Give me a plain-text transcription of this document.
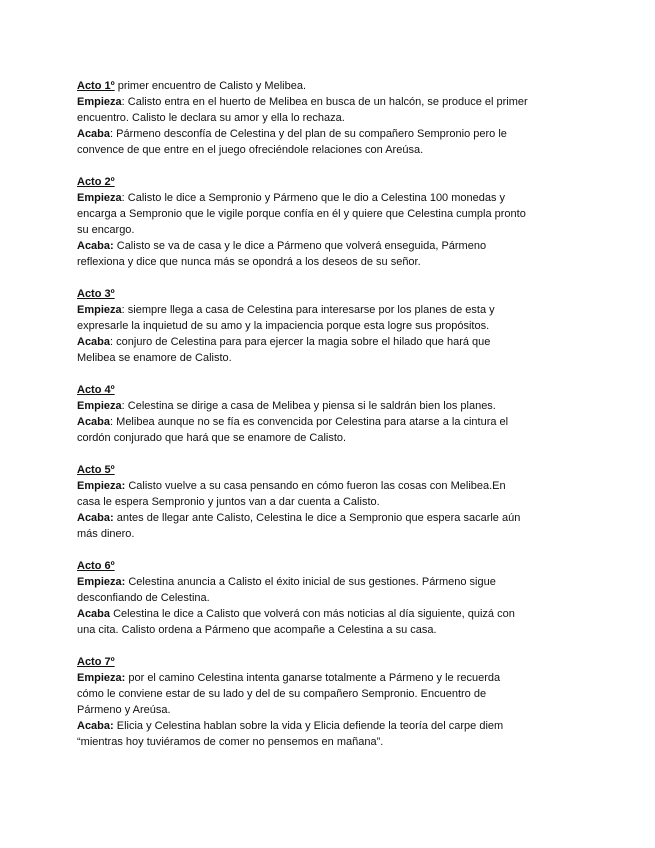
Acto 1º primer encuentro de Calisto y Melibea.
Empieza: Calisto entra en el huerto de Melibea en busca de un halcón, se produce el primer
encuentro. Calisto le declara su amor y ella lo rechaza.
Acaba: Pármeno desconfía de Celestina y del plan de su compañero Sempronio pero le
convence de que entre en el juego ofreciéndole relaciones con Areúsa.
Acto 2º
Empieza: Calisto le dice a Sempronio y Pármeno que le dio a Celestina 100 monedas y
encarga a Sempronio que le vigile porque confía en él y quiere que Celestina cumpla pronto
su encargo.
Acaba: Calisto se va de casa y le dice a Pármeno que volverá enseguida, Pármeno
reflexiona y dice que nunca más se opondrá a los deseos de su señor.
Acto 3º
Empieza: siempre llega a casa de Celestina para interesarse por los planes de esta y
expresarle la inquietud de su amo y la impaciencia porque esta logre sus propósitos.
Acaba: conjuro de Celestina para para ejercer la magia sobre el hilado que hará que
Melibea se enamore de Calisto.
Acto 4º
Empieza: Celestina se dirige a casa de Melibea y piensa si le saldrán bien los planes.
Acaba: Melibea aunque no se fía es convencida por Celestina para atarse a la cintura el
cordón conjurado que hará que se enamore de Calisto.
Acto 5º
Empieza: Calisto vuelve a su casa pensando en cómo fueron las cosas con Melibea.En
casa le espera Sempronio y juntos van a dar cuenta a Calisto.
Acaba: antes de llegar ante Calisto, Celestina le dice a Sempronio que espera sacarle aún
más dinero.
Acto 6º
Empieza: Celestina anuncia a Calisto el éxito inicial de sus gestiones. Pármeno sigue
desconfiando de Celestina.
Acaba Celestina le dice a Calisto que volverá con más noticias al día siguiente, quizá con
una cita. Calisto ordena a Pármeno que acompañe a Celestina a su casa.
Acto 7º
Empieza: por el camino Celestina intenta ganarse totalmente a Pármeno y le recuerda
cómo le conviene estar de su lado y del de su compañero Sempronio. Encuentro de
Pármeno y Areúsa.
Acaba: Elicia y Celestina hablan sobre la vida y Elicia defiende la teoría del carpe diem
“mientras hoy tuviéramos de comer no pensemos en mañana”.
